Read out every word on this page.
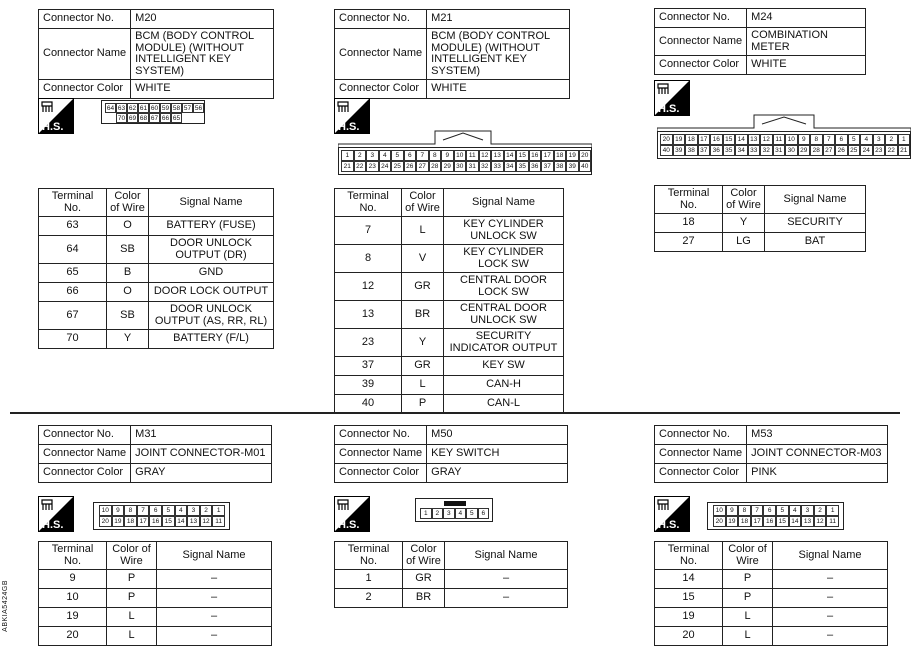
Connector No.	M20
Connector Name	BCM (BODY CONTROL MODULE) (WITHOUT INTELLIGENT KEY SYSTEM)
Connector Color	WHITE
Connector No.	M21
Connector Name	BCM (BODY CONTROL MODULE) (WITHOUT INTELLIGENT KEY SYSTEM)
Connector Color	WHITE
Connector No.	M24
Connector Name	COMBINATION METER
Connector Color	WHITE
Connector No.	M31
Connector Name	JOINT CONNECTOR-M01
Connector Color	GRAY
Connector No.	M50
Connector Name	KEY SWITCH
Connector Color	GRAY
Connector No.	M53
Connector Name	JOINT CONNECTOR-M03
Connector Color	PINK
H.S.	H.S.
H.S.
H.S.	H.S.	H.S.
64 63 62 61 60 59 58 57 56
70 69 68 67 66 65
1	2	3	4	5	6	7	8	9	10 11 12 13 14 15 16 17 18 19 20
21 22 23 24 25 26 27 28 29 30 31 32 33 34 35 36 37 38 39 40
20 19 18 17 16 15 14 13 12 11 10	9	8	7	6	5	4	3	2	1
40 39 38 37 36 35 34 33 32 31 30 29 28 27 26 25 24 23 22 21
10	9	8	7	6	5	4	3	2	1
20 19 18 17 16 15 14 13 12 11
1	2	3	4	5	6	10	9	8	7	6	5	4	3	2	1
20 19 18 17 16 15 14 13 12 11
Terminal No.	Color of Wire	Signal Name
63	O	BATTERY (FUSE)
64	SB	DOOR UNLOCK OUTPUT (DR)
65	B	GND
66	O	DOOR LOCK OUTPUT
67	SB	DOOR UNLOCK OUTPUT (AS, RR, RL)
70	Y	BATTERY (F/L)
Terminal No.	Color of Wire	Signal Name
7	L	KEY CYLINDER UNLOCK SW
8	V	KEY CYLINDER LOCK SW
12	GR	CENTRAL DOOR LOCK SW
13	BR	CENTRAL DOOR UNLOCK SW
23	Y	SECURITY INDICATOR OUTPUT
37	GR	KEY SW
39	L	CAN-H
40	P	CAN-L
Terminal No.	Color of Wire	Signal Name
18	Y	SECURITY
27	LG	BAT
Terminal No.	Color of Wire	Signal Name
9	P	–
10	P	–
19	L	–
20	L	–
Terminal No.	Color of Wire	Signal Name
1	GR	–
2	BR	–
Terminal No.	Color of Wire	Signal Name
14	P	–
15	P	–
19	L	–
20	L	–
ABKIA5424GB
